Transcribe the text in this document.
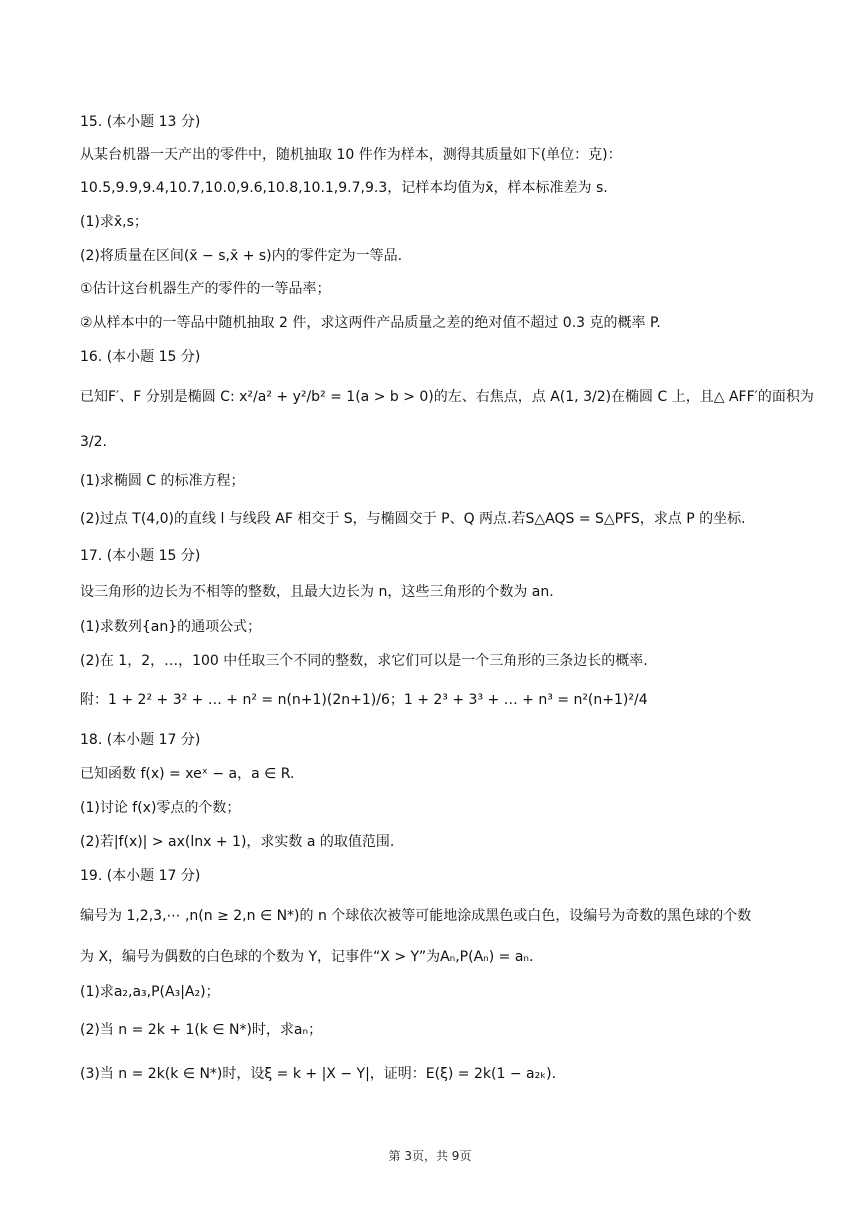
15. (本小题 13 分)
从某台机器一天产出的零件中，随机抽取 10 件作为样本，测得其质量如下(单位：克)：
10.5,9.9,9.4,10.7,10.0,9.6,10.8,10.1,9.7,9.3，记样本均值为x̄，样本标准差为 s.
(1)求x̄,s；
(2)将质量在区间(x̄ − s,x̄ + s)内的零件定为一等品.
①估计这台机器生产的零件的一等品率；
②从样本中的一等品中随机抽取 2 件，求这两件产品质量之差的绝对值不超过 0.3 克的概率 P.
16. (本小题 15 分)
已知F′、F 分别是椭圆 C: x²/a² + y²/b² = 1(a > b > 0)的左、右焦点，点 A(1, 3/2)在椭圆 C 上，且△ AFF′的面积为
3/2.
(1)求椭圆 C 的标准方程；
(2)过点 T(4,0)的直线 l 与线段 AF 相交于 S，与椭圆交于 P、Q 两点.若S△AQS = S△PFS，求点 P 的坐标.
17. (本小题 15 分)
设三角形的边长为不相等的整数，且最大边长为 n，这些三角形的个数为 an.
(1)求数列{an}的通项公式；
(2)在 1，2，…，100 中任取三个不同的整数，求它们可以是一个三角形的三条边长的概率.
附：1 + 2² + 3² + … + n² = n(n+1)(2n+1)/6；1 + 2³ + 3³ + … + n³ = n²(n+1)²/4
18. (本小题 17 分)
已知函数 f(x) = xeˣ − a，a ∈ R.
(1)讨论 f(x)零点的个数；
(2)若|f(x)| > ax(lnx + 1)，求实数 a 的取值范围.
19. (本小题 17 分)
编号为 1,2,3,⋯ ,n(n ≥ 2,n ∈ N*)的 n 个球依次被等可能地涂成黑色或白色，设编号为奇数的黑色球的个数
为 X，编号为偶数的白色球的个数为 Y，记事件“X > Y”为Aₙ,P(Aₙ) = aₙ.
(1)求a₂,a₃,P(A₃|A₂)；
(2)当 n = 2k + 1(k ∈ N*)时，求aₙ；
(3)当 n = 2k(k ∈ N*)时，设ξ = k + |X − Y|，证明：E(ξ) = 2k(1 − a₂ₖ).
第 3页，共 9页
